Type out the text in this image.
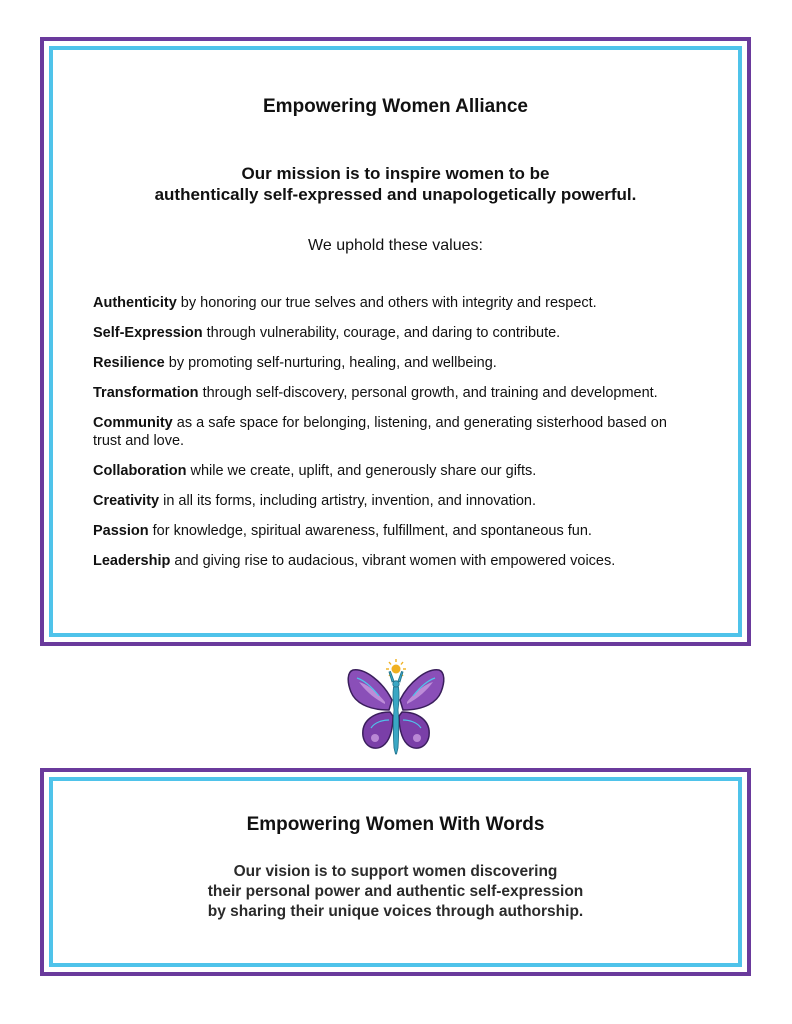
Empowering Women Alliance
Our mission is to inspire women to be
authentically self-expressed and unapologetically powerful.
We uphold these values:
Authenticity by honoring our true selves and others with integrity and respect.
Self-Expression through vulnerability, courage, and daring to contribute.
Resilience by promoting self-nurturing, healing, and wellbeing.
Transformation through self-discovery, personal growth, and training and development.
Community as a safe space for belonging, listening, and generating sisterhood based on trust and love.
Collaboration while we create, uplift, and generously share our gifts.
Creativity in all its forms, including artistry, invention, and innovation.
Passion for knowledge, spiritual awareness, fulfillment, and spontaneous fun.
Leadership and giving rise to audacious, vibrant women with empowered voices.
Empowering Women With Words
Our vision is to support women discovering
their personal power and authentic self-expression
by sharing their unique voices through authorship.
